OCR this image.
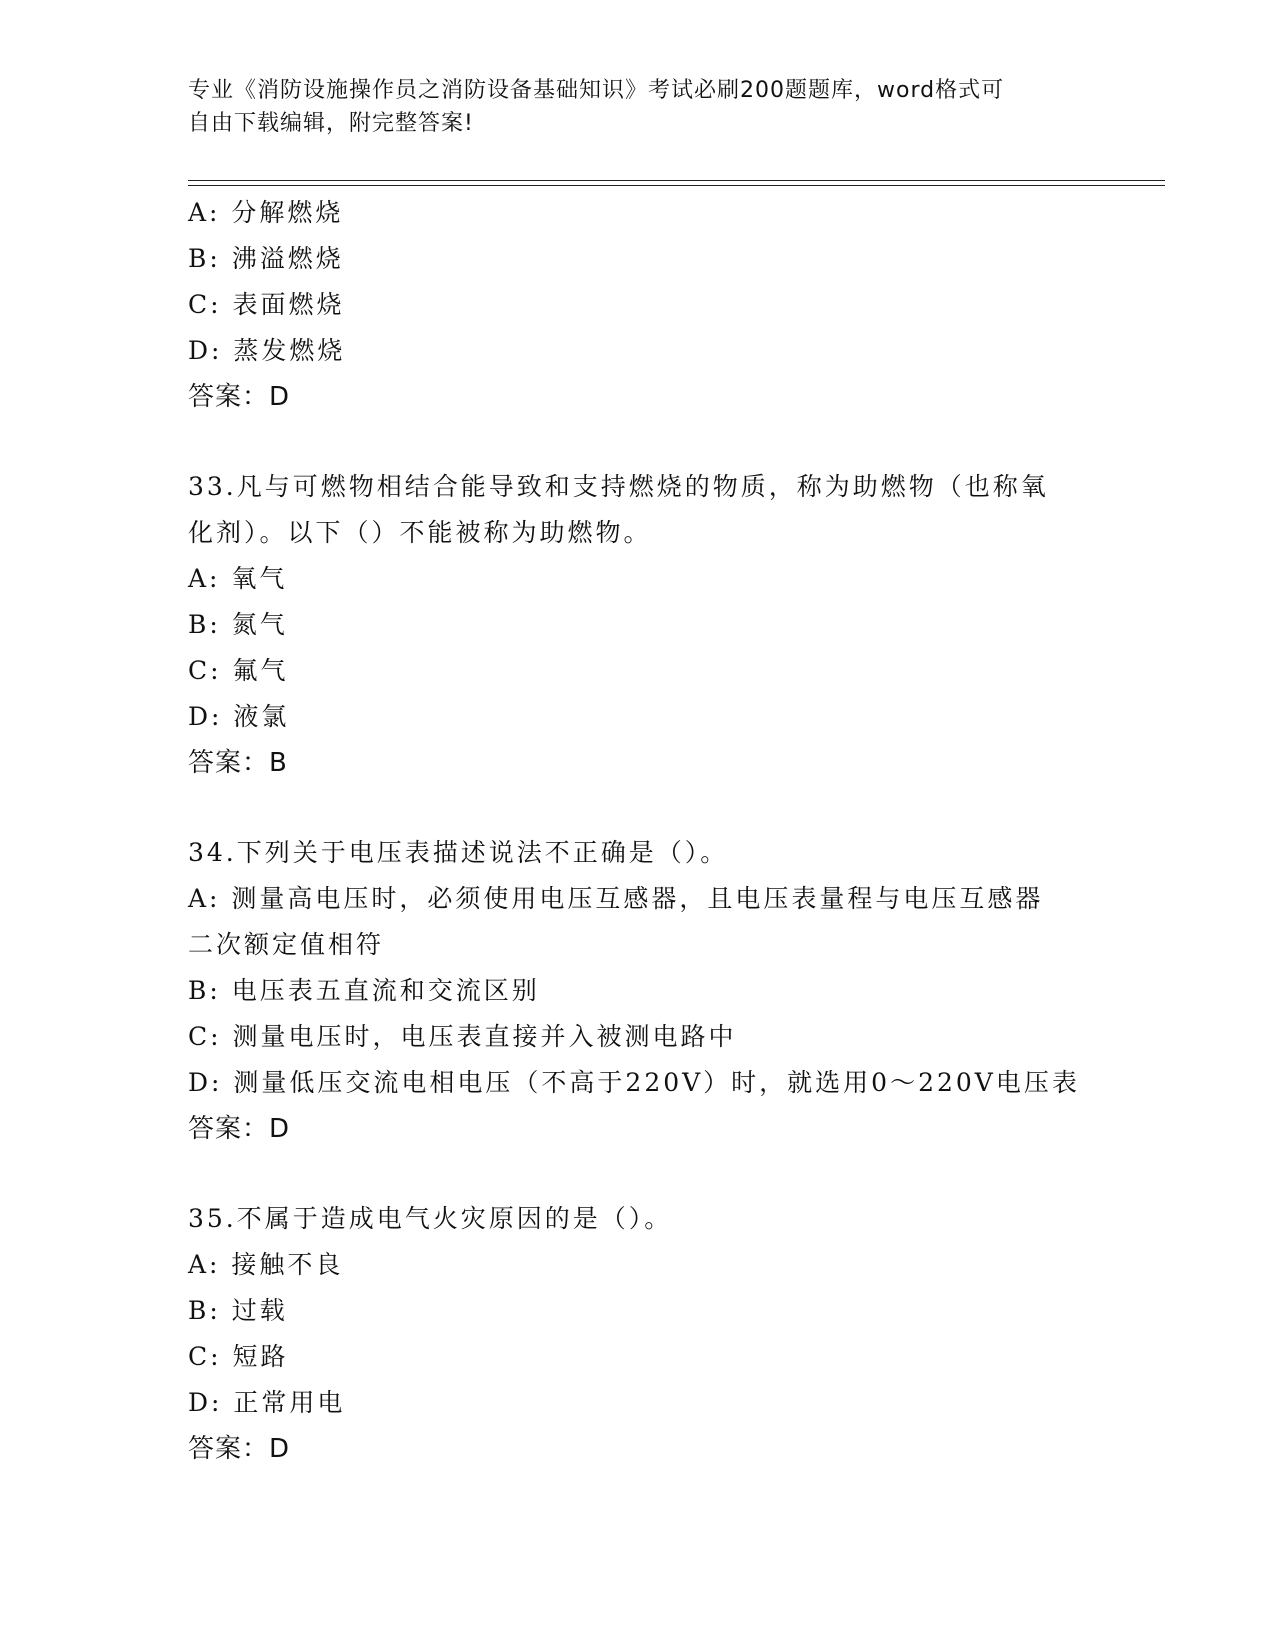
专业《消防设施操作员之消防设备基础知识》考试必刷200题题库，word格式可
自由下载编辑，附完整答案!
A: 分解燃烧
B: 沸溢燃烧
C: 表面燃烧
D: 蒸发燃烧
答案：D
33.凡与可燃物相结合能导致和支持燃烧的物质，称为助燃物（也称氧
化剂）。以下（）不能被称为助燃物。
A: 氧气
B: 氮气
C: 氟气
D: 液氯
答案：B
34.下列关于电压表描述说法不正确是（）。
A: 测量高电压时，必须使用电压互感器，且电压表量程与电压互感器
二次额定值相符
B: 电压表五直流和交流区别
C: 测量电压时，电压表直接并入被测电路中
D: 测量低压交流电相电压（不高于220V）时，就选用0～220V电压表
答案：D
35.不属于造成电气火灾原因的是（）。
A: 接触不良
B: 过载
C: 短路
D: 正常用电
答案：D
